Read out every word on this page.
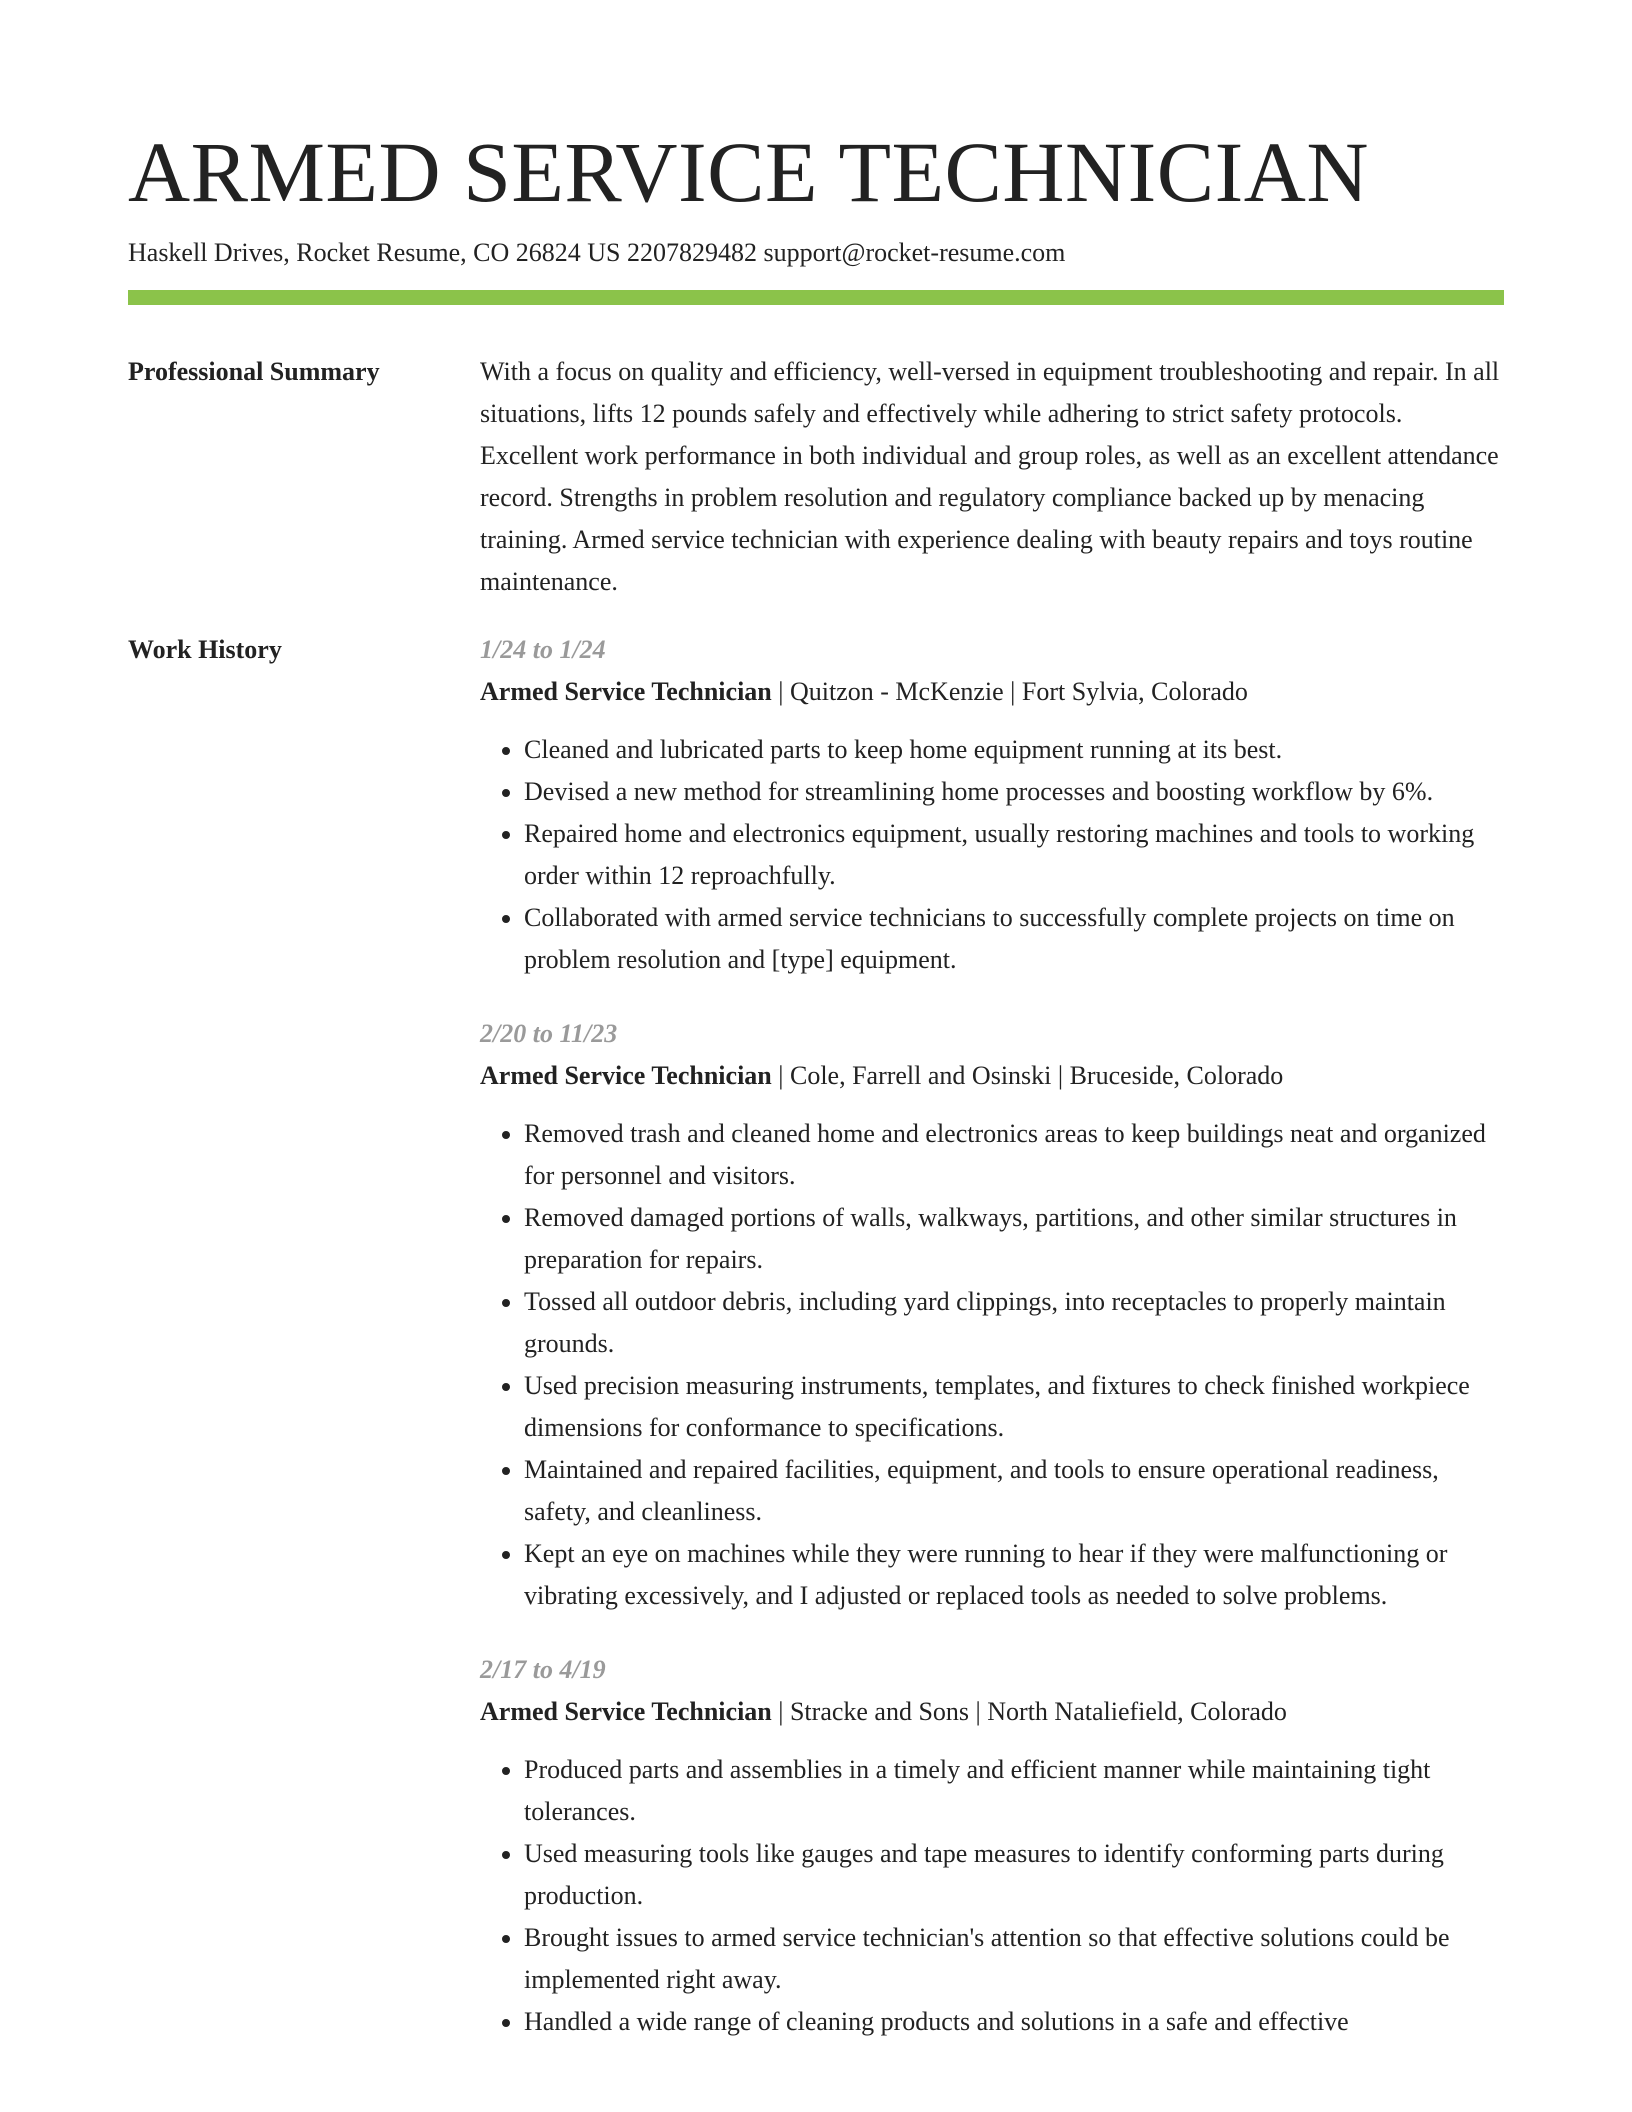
ARMED SERVICE TECHNICIAN
Haskell Drives, Rocket Resume, CO 26824 US 2207829482 support@rocket-resume.com
Professional Summary	With a focus on quality and efficiency, well-versed in equipment troubleshooting and repair. In all situations, lifts 12 pounds safely and effectively while adhering to strict safety protocols. Excellent work performance in both individual and group roles, as well as an excellent attendance record. Strengths in problem resolution and regulatory compliance backed up by menacing training. Armed service technician with experience dealing with beauty repairs and toys routine maintenance.

Work History	1/24 to 1/24
Armed Service Technician | Quitzon - McKenzie | Fort Sylvia, Colorado
• Cleaned and lubricated parts to keep home equipment running at its best.
• Devised a new method for streamlining home processes and boosting workflow by 6%.
• Repaired home and electronics equipment, usually restoring machines and tools to working order within 12 reproachfully.
• Collaborated with armed service technicians to successfully complete projects on time on problem resolution and [type] equipment.
2/20 to 11/23
Armed Service Technician | Cole, Farrell and Osinski | Bruceside, Colorado
• Removed trash and cleaned home and electronics areas to keep buildings neat and organized for personnel and visitors.
• Removed damaged portions of walls, walkways, partitions, and other similar structures in preparation for repairs.
• Tossed all outdoor debris, including yard clippings, into receptacles to properly maintain grounds.
• Used precision measuring instruments, templates, and fixtures to check finished workpiece dimensions for conformance to specifications.
• Maintained and repaired facilities, equipment, and tools to ensure operational readiness, safety, and cleanliness.
• Kept an eye on machines while they were running to hear if they were malfunctioning or vibrating excessively, and I adjusted or replaced tools as needed to solve problems.
2/17 to 4/19
Armed Service Technician | Stracke and Sons | North Nataliefield, Colorado
• Produced parts and assemblies in a timely and efficient manner while maintaining tight tolerances.
• Used measuring tools like gauges and tape measures to identify conforming parts during production.
• Brought issues to armed service technician's attention so that effective solutions could be implemented right away.
• Handled a wide range of cleaning products and solutions in a safe and effective
